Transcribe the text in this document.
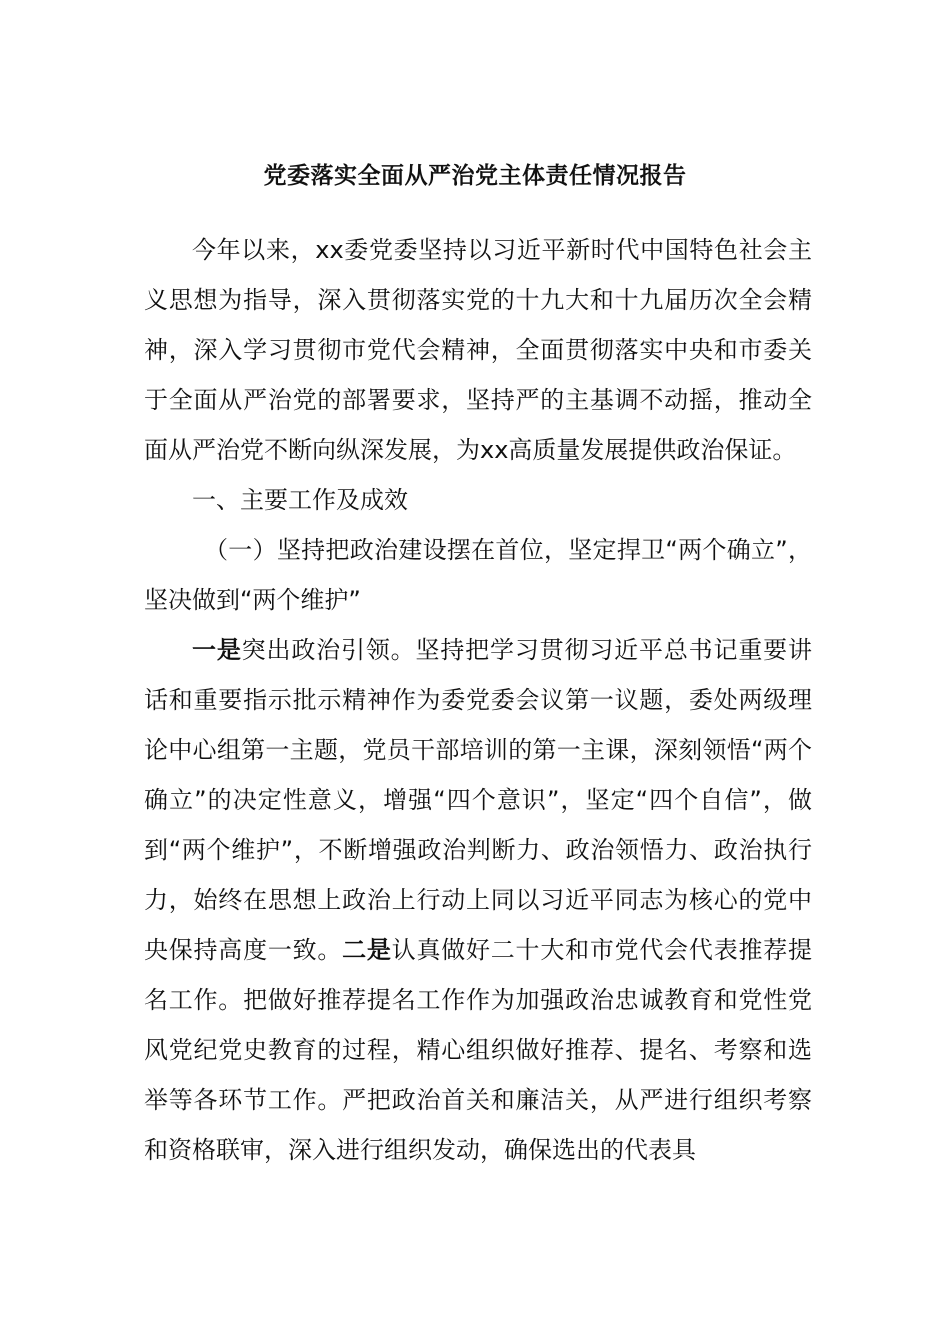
党委落实全面从严治党主体责任情况报告

今年以来，xx委党委坚持以习近平新时代中国特色社会主义思想为指导，深入贯彻落实党的十九大和十九届历次全会精神，深入学习贯彻市党代会精神，全面贯彻落实中央和市委关于全面从严治党的部署要求，坚持严的主基调不动摇，推动全面从严治党不断向纵深发展，为xx高质量发展提供政治保证。

一、主要工作及成效

（一）坚持把政治建设摆在首位，坚定捍卫“两个确立”，坚决做到“两个维护”

一是突出政治引领。坚持把学习贯彻习近平总书记重要讲话和重要指示批示精神作为委党委会议第一议题，委处两级理论中心组第一主题，党员干部培训的第一主课，深刻领悟“两个确立”的决定性意义，增强“四个意识”，坚定“四个自信”，做到“两个维护”，不断增强政治判断力、政治领悟力、政治执行力，始终在思想上政治上行动上同以习近平同志为核心的党中央保持高度一致。二是认真做好二十大和市党代会代表推荐提名工作。把做好推荐提名工作作为加强政治忠诚教育和党性党风党纪党史教育的过程，精心组织做好推荐、提名、考察和选举等各环节工作。严把政治首关和廉洁关，从严进行组织考察和资格联审，深入进行组织发动，确保选出的代表具
